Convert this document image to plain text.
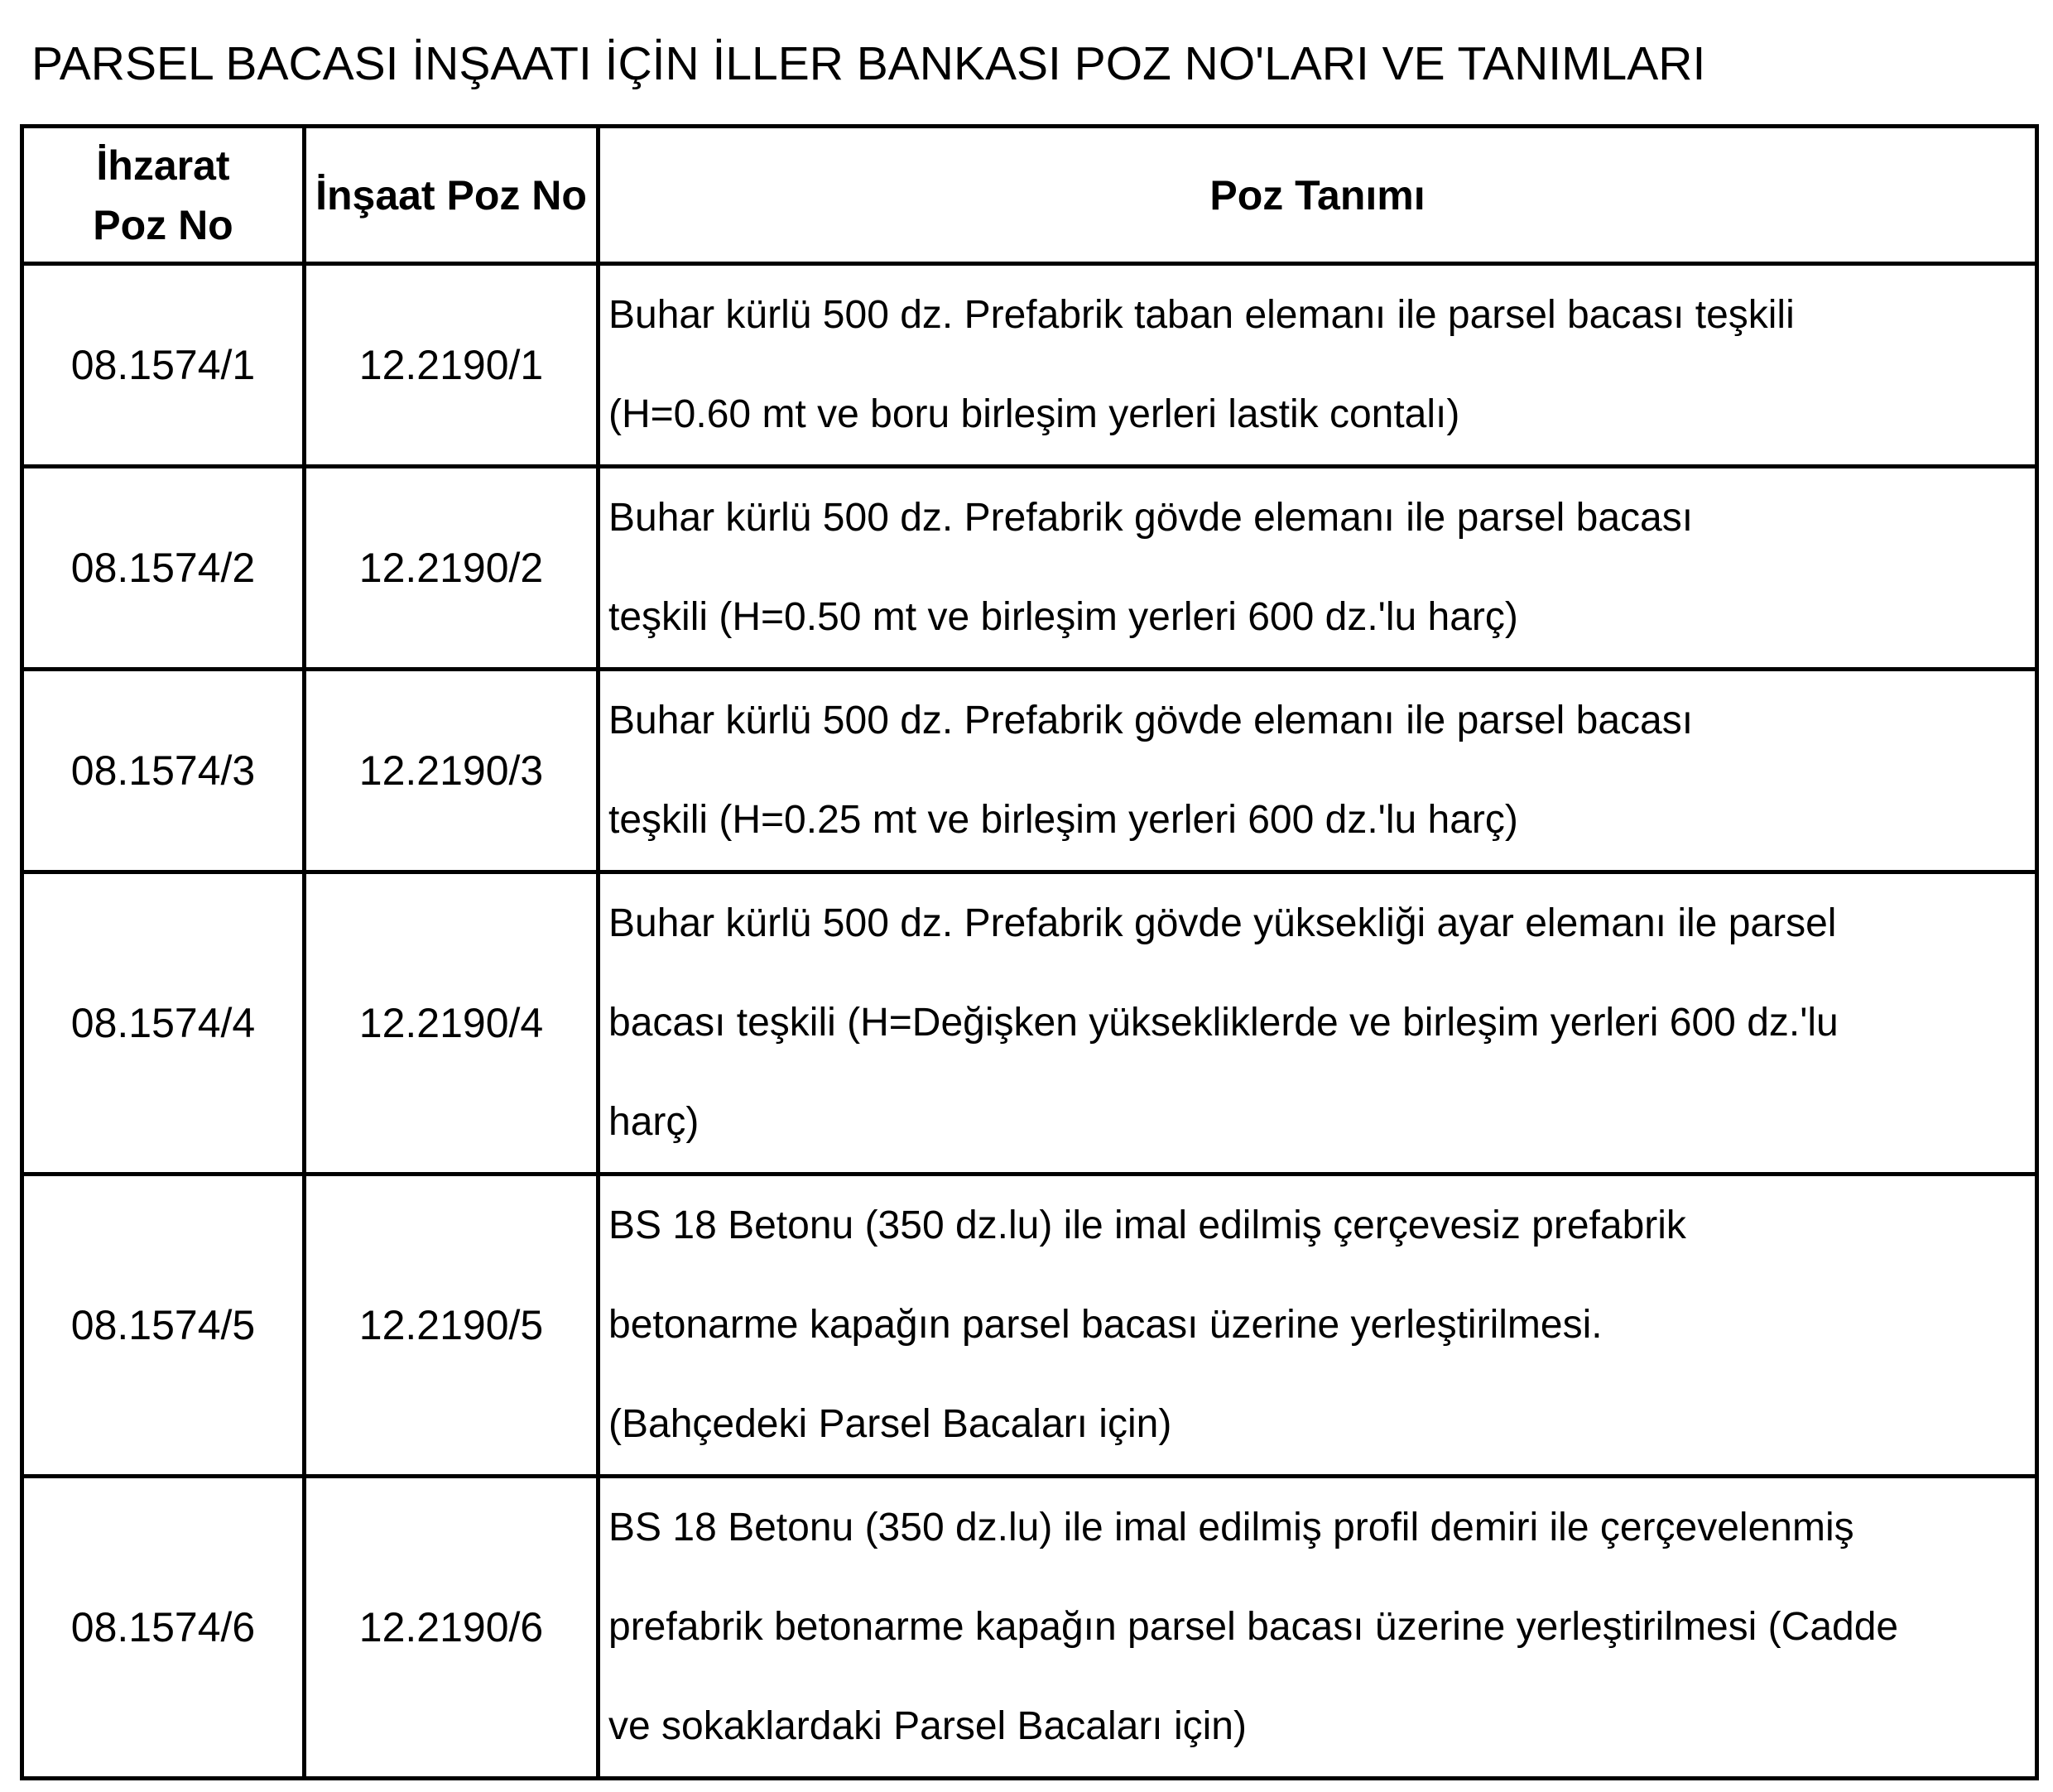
PARSEL BACASI İNŞAATI İÇİN İLLER BANKASI POZ NO'LARI VE TANIMLARI
İhzarat Poz No	İnşaat Poz No	Poz Tanımı
08.1574/1	12.2190/1	Buhar kürlü 500 dz. Prefabrik taban elemanı ile parsel bacası teşkili (H=0.60 mt ve boru birleşim yerleri lastik contalı)

08.1574/2	12.2190/2	Buhar kürlü 500 dz. Prefabrik gövde elemanı ile parsel bacası teşkili (H=0.50 mt ve birleşim yerleri 600 dz.'lu harç)

08.1574/3	12.2190/3	Buhar kürlü 500 dz. Prefabrik gövde elemanı ile parsel bacası teşkili (H=0.25 mt ve birleşim yerleri 600 dz.'lu harç)

08.1574/4	12.2190/4	Buhar kürlü 500 dz. Prefabrik gövde yüksekliği ayar elemanı ile parsel bacası teşkili (H=Değişken yüksekliklerde ve birleşim yerleri 600 dz.'lu harç)

08.1574/5	12.2190/5	BS 18 Betonu (350 dz.lu) ile imal edilmiş çerçevesiz prefabrik betonarme kapağın parsel bacası üzerine yerleştirilmesi. (Bahçedeki Parsel Bacaları için)

08.1574/6	12.2190/6	BS 18 Betonu (350 dz.lu) ile imal edilmiş profil demiri ile çerçevelenmiş prefabrik betonarme kapağın parsel bacası üzerine yerleştirilmesi (Cadde ve sokaklardaki Parsel Bacaları için)
